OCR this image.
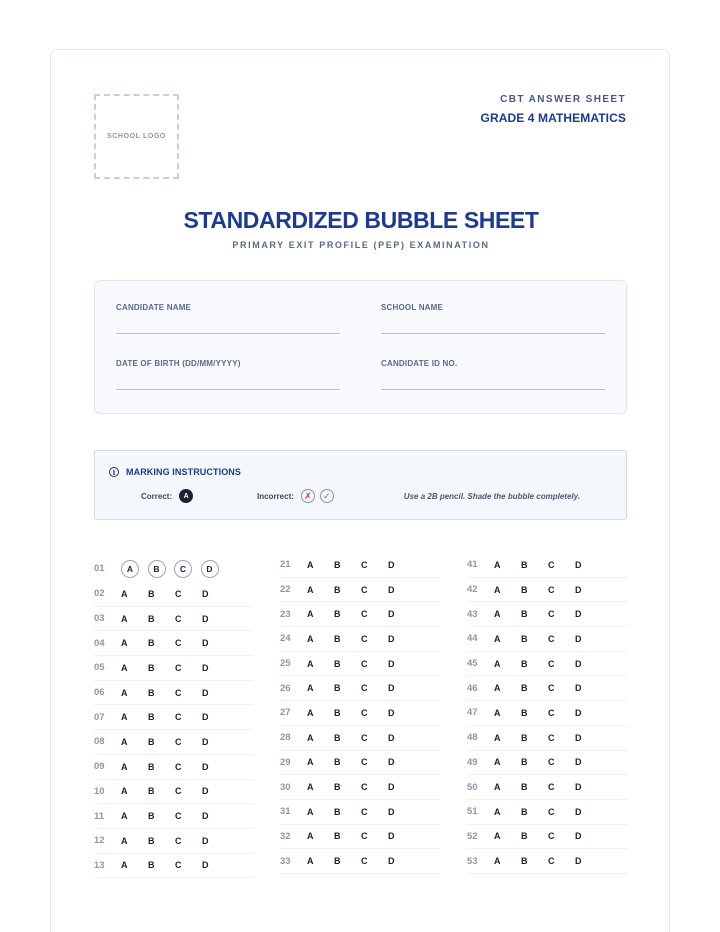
SCHOOL LOGO
CBT ANSWER SHEET
GRADE 4 MATHEMATICS
STANDARDIZED BUBBLE SHEET
PRIMARY EXIT PROFILE (PEP) EXAMINATION
CANDIDATE NAME	SCHOOL NAME
DATE OF BIRTH (DD/MM/YYYY)	CANDIDATE ID NO.
i	MARKING INSTRUCTIONS
Correct:	A	Incorrect:	✗	✓	Use a 2B pencil. Shade the bubble completely.
01	A	B	C	D
02	A	B	C	D
03	A	B	C	D
04	A	B	C	D
05	A	B	C	D
06	A	B	C	D
07	A	B	C	D
08	A	B	C	D
09	A	B	C	D
10	A	B	C	D
11	A	B	C	D
12	A	B	C	D
13	A	B	C	D
21	A	B	C	D
22	A	B	C	D
23	A	B	C	D
24	A	B	C	D
25	A	B	C	D
26	A	B	C	D
27	A	B	C	D
28	A	B	C	D
29	A	B	C	D
30	A	B	C	D
31	A	B	C	D
32	A	B	C	D
33	A	B	C	D
41	A	B	C	D
42	A	B	C	D
43	A	B	C	D
44	A	B	C	D
45	A	B	C	D
46	A	B	C	D
47	A	B	C	D
48	A	B	C	D
49	A	B	C	D
50	A	B	C	D
51	A	B	C	D
52	A	B	C	D
53	A	B	C	D
